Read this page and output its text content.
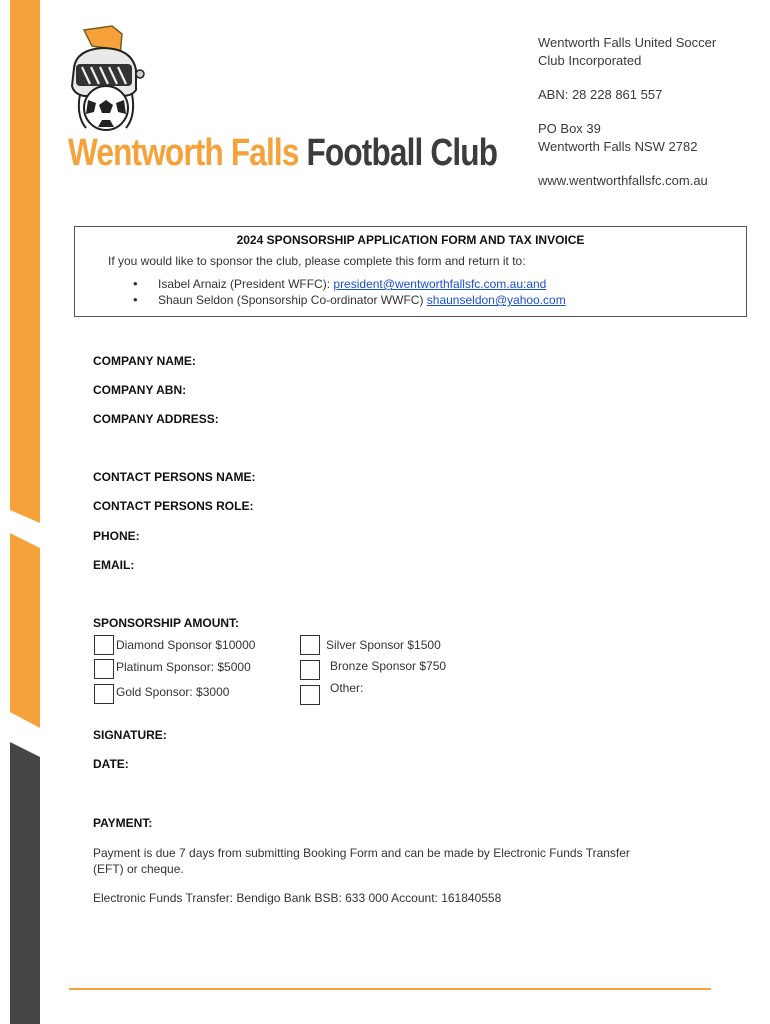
Wentworth Falls Football Club
Wentworth Falls United Soccer
Club Incorporated
ABN: 28 228 861 557
PO Box 39
Wentworth Falls NSW 2782
www.wentworthfallsfc.com.au
2024 SPONSORSHIP APPLICATION FORM AND TAX INVOICE
If you would like to sponsor the club, please complete this form and return it to:
• Isabel Arnaiz (President WFFC): president@wentworthfallsfc.com.au:and
• Shaun Seldon (Sponsorship Co-ordinator WWFC) shaunseldon@yahoo.com
COMPANY NAME:
COMPANY ABN:
COMPANY ADDRESS:
CONTACT PERSONS NAME:
CONTACT PERSONS ROLE:
PHONE:
EMAIL:
SPONSORSHIP AMOUNT:
Diamond Sponsor $10000
Platinum Sponsor: $5000
Gold Sponsor: $3000
Silver Sponsor $1500
Bronze Sponsor $750
Other:
SIGNATURE:
DATE:
PAYMENT:
Payment is due 7 days from submitting Booking Form and can be made by Electronic Funds Transfer (EFT) or cheque.
Electronic Funds Transfer: Bendigo Bank BSB: 633 000 Account: 161840558
